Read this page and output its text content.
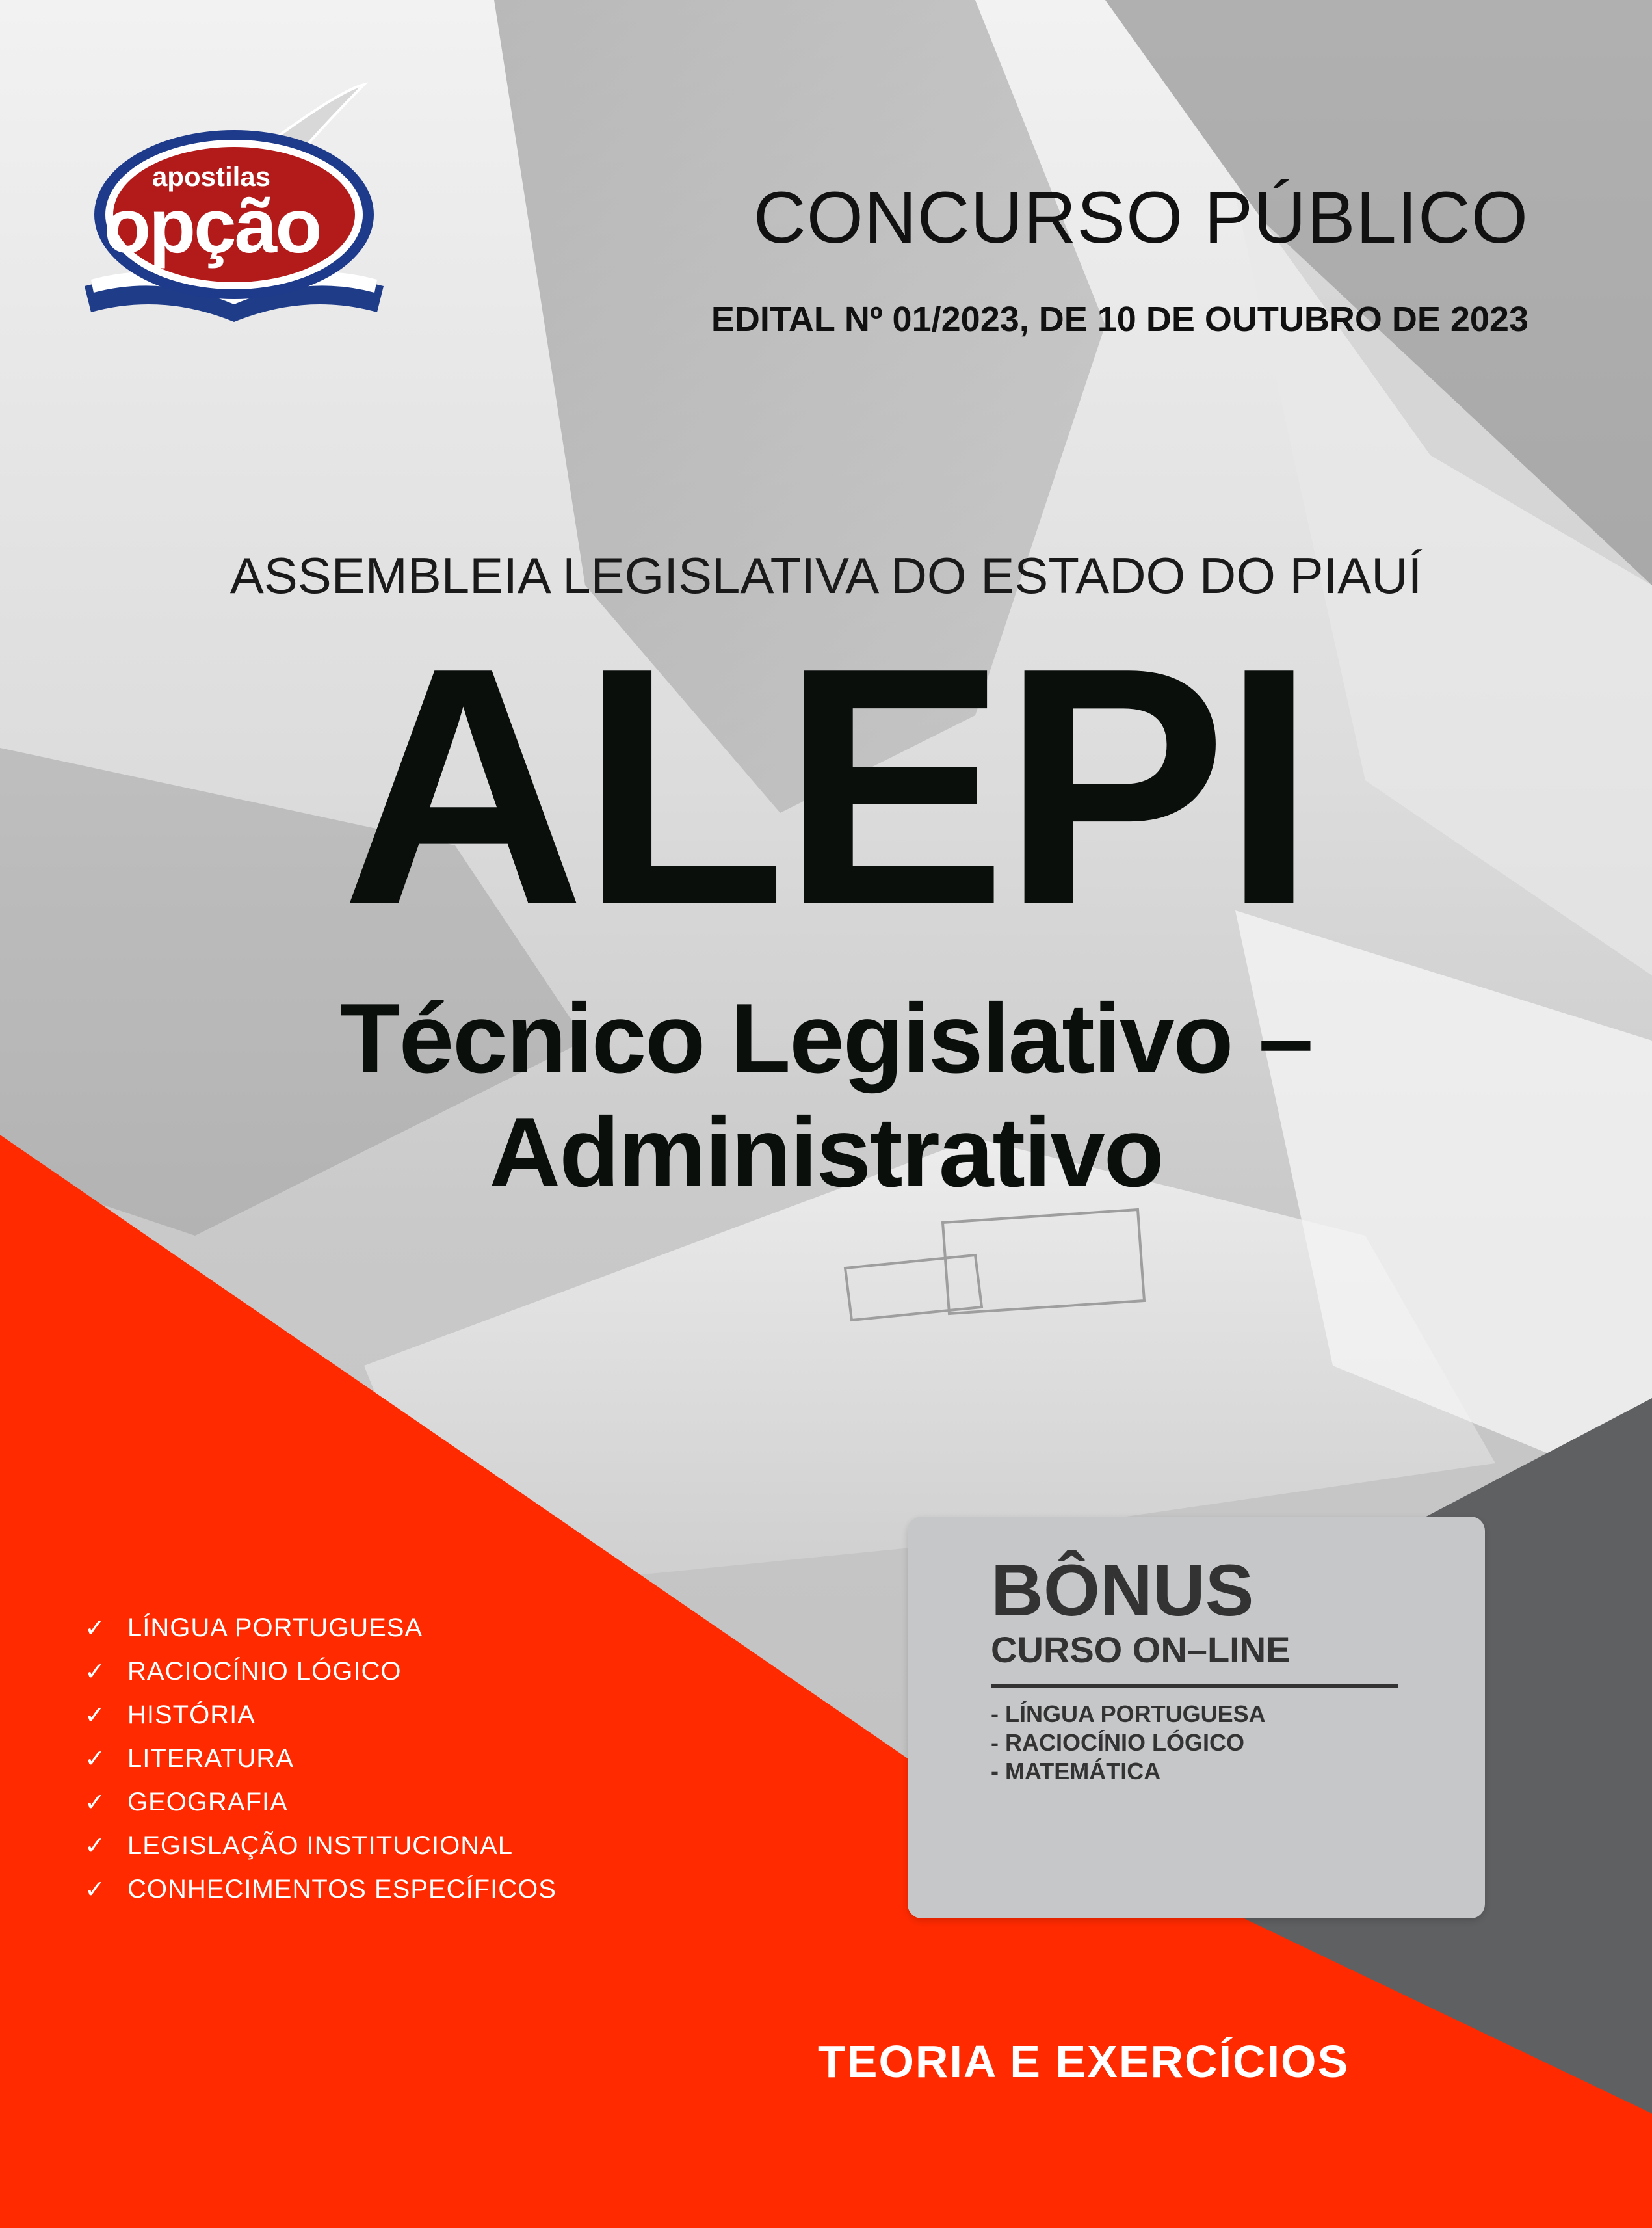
apostilas
opção	CONCURSO PÚBLICO
EDITAL Nº 01/2023, DE 10 DE OUTUBRO DE 2023
ASSEMBLEIA LEGISLATIVA DO ESTADO DO PIAUÍ
ALEPI
Técnico Legislativo – Administrativo
✓ LÍNGUA PORTUGUESA
✓ RACIOCÍNIO LÓGICO
✓ HISTÓRIA
✓ LITERATURA
✓ GEOGRAFIA
✓ LEGISLAÇÃO INSTITUCIONAL
✓ CONHECIMENTOS ESPECÍFICOS
BÔNUS
CURSO ON–LINE
- LÍNGUA PORTUGUESA
- RACIOCÍNIO LÓGICO
- MATEMÁTICA
TEORIA E EXERCÍCIOS
